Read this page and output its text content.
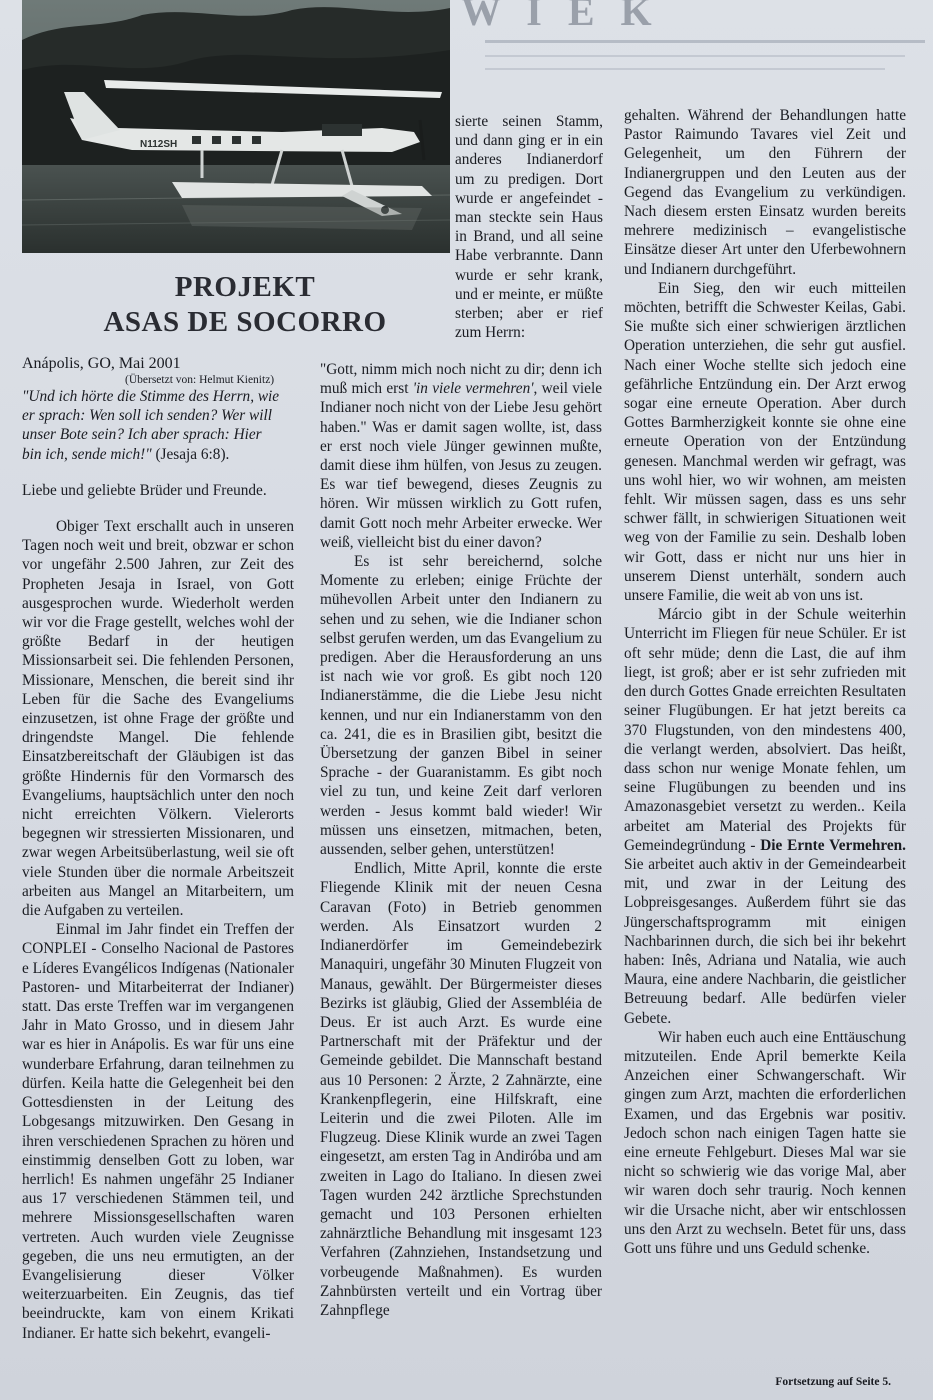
N112SH
W I E K
PROJEKT
ASAS DE SOCORRO
Anápolis, GO, Mai 2001
(Übersetzt von: Helmut Kienitz)
"Und ich hörte die Stimme des Herrn, wie er sprach: Wen soll ich senden? Wer will unser Bote sein? Ich aber sprach: Hier bin ich, sende mich!" (Jesaja 6:8).
Liebe und geliebte Brüder und Freunde.

Obiger Text erschallt auch in unseren Tagen noch weit und breit, obzwar er schon vor ungefähr 2.500 Jahren, zur Zeit des Propheten Jesaja in Israel, von Gott ausgesprochen wurde. Wiederholt werden wir vor die Frage gestellt, welches wohl der größte Bedarf in der heutigen Missionsarbeit sei. Die fehlenden Personen, Missionare, Menschen, die bereit sind ihr Leben für die Sache des Evangeliums einzusetzen, ist ohne Frage der größte und dringendste Mangel. Die fehlende Einsatzbereitschaft der Gläubigen ist das größte Hindernis für den Vormarsch des Evangeliums, hauptsächlich unter den noch nicht erreichten Völkern. Vielerorts begegnen wir stressierten Missionaren, und zwar wegen Arbeitsüberlastung, weil sie oft viele Stunden über die normale Arbeitszeit arbeiten aus Mangel an Mitarbeitern, um die Aufgaben zu verteilen.

Einmal im Jahr findet ein Treffen der CONPLEI - Conselho Nacional de Pastores e Líderes Evangélicos Indígenas (Nationaler Pastoren- und Mitarbeiterrat der Indianer) statt. Das erste Treffen war im vergangenen Jahr in Mato Grosso, und in diesem Jahr war es hier in Anápolis. Es war für uns eine wunderbare Erfahrung, daran teilnehmen zu dürfen. Keila hatte die Gelegenheit bei den Gottesdiensten in der Leitung des Lobgesangs mitzuwirken. Den Gesang in ihren verschiedenen Sprachen zu hören und einstimmig denselben Gott zu loben, war herrlich! Es nahmen ungefähr 25 Indianer aus 17 verschiedenen Stämmen teil, und mehrere Missionsgesellschaften waren vertreten. Auch wurden viele Zeugnisse gegeben, die uns neu ermutigten, an der Evangelisierung dieser Völker weiterzuarbeiten. Ein Zeugnis, das tief beeindruckte, kam von einem Krikati Indianer. Er hatte sich bekehrt, evangeli-

sierte seinen Stamm, und dann ging er in ein anderes Indianerdorf um zu predigen. Dort wurde er angefeindet - man steckte sein Haus in Brand, und all seine Habe verbrannte. Dann wurde er sehr krank, und er meinte, er müßte sterben; aber er rief zum Herrn:

"Gott, nimm mich noch nicht zu dir; denn ich muß mich erst 'in viele vermehren', weil viele Indianer noch nicht von der Liebe Jesu gehört haben." Was er damit sagen wollte, ist, dass er erst noch viele Jünger gewinnen mußte, damit diese ihm hülfen, von Jesus zu zeugen. Es war tief bewegend, dieses Zeugnis zu hören. Wir müssen wirklich zu Gott rufen, damit Gott noch mehr Arbeiter erwecke. Wer weiß, vielleicht bist du einer davon?

Es ist sehr bereichernd, solche Momente zu erleben; einige Früchte der mühevollen Arbeit unter den Indianern zu sehen und zu sehen, wie die Indianer schon selbst gerufen werden, um das Evangelium zu predigen. Aber die Herausforderung an uns ist nach wie vor groß. Es gibt noch 120 Indianerstämme, die die Liebe Jesu nicht kennen, und nur ein Indianerstamm von den ca. 241, die es in Brasilien gibt, besitzt die Übersetzung der ganzen Bibel in seiner Sprache - der Guaranistamm. Es gibt noch viel zu tun, und keine Zeit darf verloren werden - Jesus kommt bald wieder! Wir müssen uns einsetzen, mitmachen, beten, aussenden, selber gehen, unterstützen!

Endlich, Mitte April, konnte die erste Fliegende Klinik mit der neuen Cesna Caravan (Foto) in Betrieb genommen werden. Als Einsatzort wurden 2 Indianerdörfer im Gemeindebezirk Manaquiri, ungefähr 30 Minuten Flugzeit von Manaus, gewählt. Der Bürgermeister dieses Bezirks ist gläubig, Glied der Assembléia de Deus. Er ist auch Arzt. Es wurde eine Partnerschaft mit der Präfektur und der Gemeinde gebildet. Die Mannschaft bestand aus 10 Personen: 2 Ärzte, 2 Zahnärzte, eine Krankenpflegerin, eine Hilfskraft, eine Leiterin und die zwei Piloten. Alle im Flugzeug. Diese Klinik wurde an zwei Tagen eingesetzt, am ersten Tag in Andiróba und am zweiten in Lago do Italiano. In diesen zwei Tagen wurden 242 ärztliche Sprechstunden gemacht und 103 Personen erhielten zahnärztliche Behandlung mit insgesamt 123 Verfahren (Zahnziehen, Instandsetzung und vorbeugende Maßnahmen). Es wurden Zahnbürsten verteilt und ein Vortrag über Zahnpflege

gehalten. Während der Behandlungen hatte Pastor Raimundo Tavares viel Zeit und Gelegenheit, um den Führern der Indianergruppen und den Leuten aus der Gegend das Evangelium zu verkündigen. Nach diesem ersten Einsatz wurden bereits mehrere medizinisch – evangelistische Einsätze dieser Art unter den Uferbewohnern und Indianern durchgeführt.

Ein Sieg, den wir euch mitteilen möchten, betrifft die Schwester Keilas, Gabi. Sie mußte sich einer schwierigen ärztlichen Operation unterziehen, die sehr gut ausfiel. Nach einer Woche stellte sich jedoch eine gefährliche Entzündung ein. Der Arzt erwog sogar eine erneute Operation. Aber durch Gottes Barmherzigkeit konnte sie ohne eine erneute Operation von der Entzündung genesen. Manchmal werden wir gefragt, was uns wohl hier, wo wir wohnen, am meisten fehlt. Wir müssen sagen, dass es uns sehr schwer fällt, in schwierigen Situationen weit weg von der Familie zu sein. Deshalb loben wir Gott, dass er nicht nur uns hier in unserem Dienst unterhält, sondern auch unsere Familie, die weit ab von uns ist.

Márcio gibt in der Schule weiterhin Unterricht im Fliegen für neue Schüler. Er ist oft sehr müde; denn die Last, die auf ihm liegt, ist groß; aber er ist sehr zufrieden mit den durch Gottes Gnade erreichten Resultaten seiner Flugübungen. Er hat jetzt bereits ca 370 Flugstunden, von den mindestens 400, die verlangt werden, absolviert. Das heißt, dass schon nur wenige Monate fehlen, um seine Flugübungen zu beenden und ins Amazonasgebiet versetzt zu werden.. Keila arbeitet am Material des Projekts für Gemeindegründung - Die Ernte Vermehren. Sie arbeitet auch aktiv in der Gemeindearbeit mit, und zwar in der Leitung des Lobpreisgesanges. Außerdem führt sie das Jüngerschaftsprogramm mit einigen Nachbarinnen durch, die sich bei ihr bekehrt haben: Inês, Adriana und Natalia, wie auch Maura, eine andere Nachbarin, die geistlicher Betreuung bedarf. Alle bedürfen vieler Gebete.

Wir haben euch auch eine Enttäuschung mitzuteilen. Ende April bemerkte Keila Anzeichen einer Schwangerschaft. Wir gingen zum Arzt, machten die erforderlichen Examen, und das Ergebnis war positiv. Jedoch schon nach einigen Tagen hatte sie eine erneute Fehlgeburt. Dieses Mal war sie nicht so schwierig wie das vorige Mal, aber wir waren doch sehr traurig. Noch kennen wir die Ursache nicht, aber wir entschlossen uns den Arzt zu wechseln. Betet für uns, dass Gott uns führe und uns Geduld schenke.

Fortsetzung auf Seite 5.
